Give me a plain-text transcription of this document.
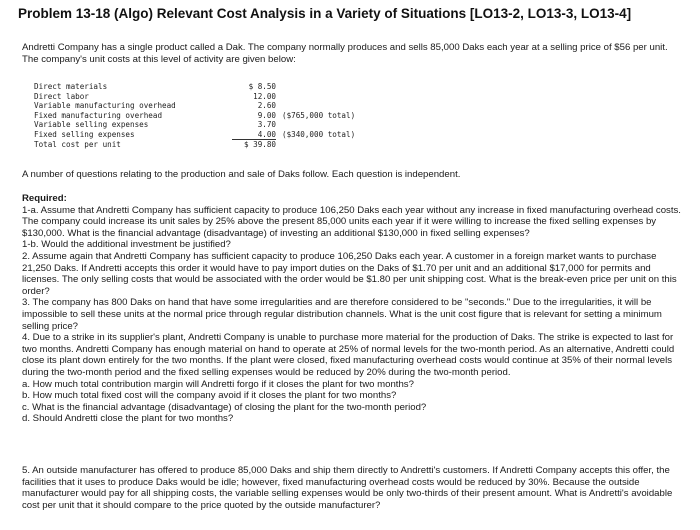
Problem 13-18 (Algo) Relevant Cost Analysis in a Variety of Situations [LO13-2, LO13-3, LO13-4]
Andretti Company has a single product called a Dak. The company normally produces and sells 85,000 Daks each year at a selling price of $56 per unit. The company's unit costs at this level of activity are given below:
Direct materials	$ 8.50	
Direct labor	12.00	
Variable manufacturing overhead	2.60	
Fixed manufacturing overhead	9.00	($765,000 total)
Variable selling expenses	3.70	
Fixed selling expenses	4.00	($340,000 total)
Total cost per unit	$ 39.80	
A number of questions relating to the production and sale of Daks follow. Each question is independent.

Required:

1-a. Assume that Andretti Company has sufficient capacity to produce 106,250 Daks each year without any increase in fixed manufacturing overhead costs. The company could increase its unit sales by 25% above the present 85,000 units each year if it were willing to increase the fixed selling expenses by $130,000. What is the financial advantage (disadvantage) of investing an additional $130,000 in fixed selling expenses?

1-b. Would the additional investment be justified?

2. Assume again that Andretti Company has sufficient capacity to produce 106,250 Daks each year. A customer in a foreign market wants to purchase 21,250 Daks. If Andretti accepts this order it would have to pay import duties on the Daks of $1.70 per unit and an additional $17,000 for permits and licenses. The only selling costs that would be associated with the order would be $1.80 per unit shipping cost. What is the break-even price per unit on this order?

3. The company has 800 Daks on hand that have some irregularities and are therefore considered to be "seconds." Due to the irregularities, it will be impossible to sell these units at the normal price through regular distribution channels. What is the unit cost figure that is relevant for setting a minimum selling price?

4. Due to a strike in its supplier's plant, Andretti Company is unable to purchase more material for the production of Daks. The strike is expected to last for two months. Andretti Company has enough material on hand to operate at 25% of normal levels for the two-month period. As an alternative, Andretti could close its plant down entirely for the two months. If the plant were closed, fixed manufacturing overhead costs would continue at 35% of their normal levels during the two-month period and the fixed selling expenses would be reduced by 20% during the two-month period.

a. How much total contribution margin will Andretti forgo if it closes the plant for two months?

b. How much total fixed cost will the company avoid if it closes the plant for two months?

c. What is the financial advantage (disadvantage) of closing the plant for the two-month period?

d. Should Andretti close the plant for two months?

5. An outside manufacturer has offered to produce 85,000 Daks and ship them directly to Andretti's customers. If Andretti Company accepts this offer, the facilities that it uses to produce Daks would be idle; however, fixed manufacturing overhead costs would be reduced by 30%. Because the outside manufacturer would pay for all shipping costs, the variable selling expenses would be only two-thirds of their present amount. What is Andretti's avoidable cost per unit that it should compare to the price quoted by the outside manufacturer?
